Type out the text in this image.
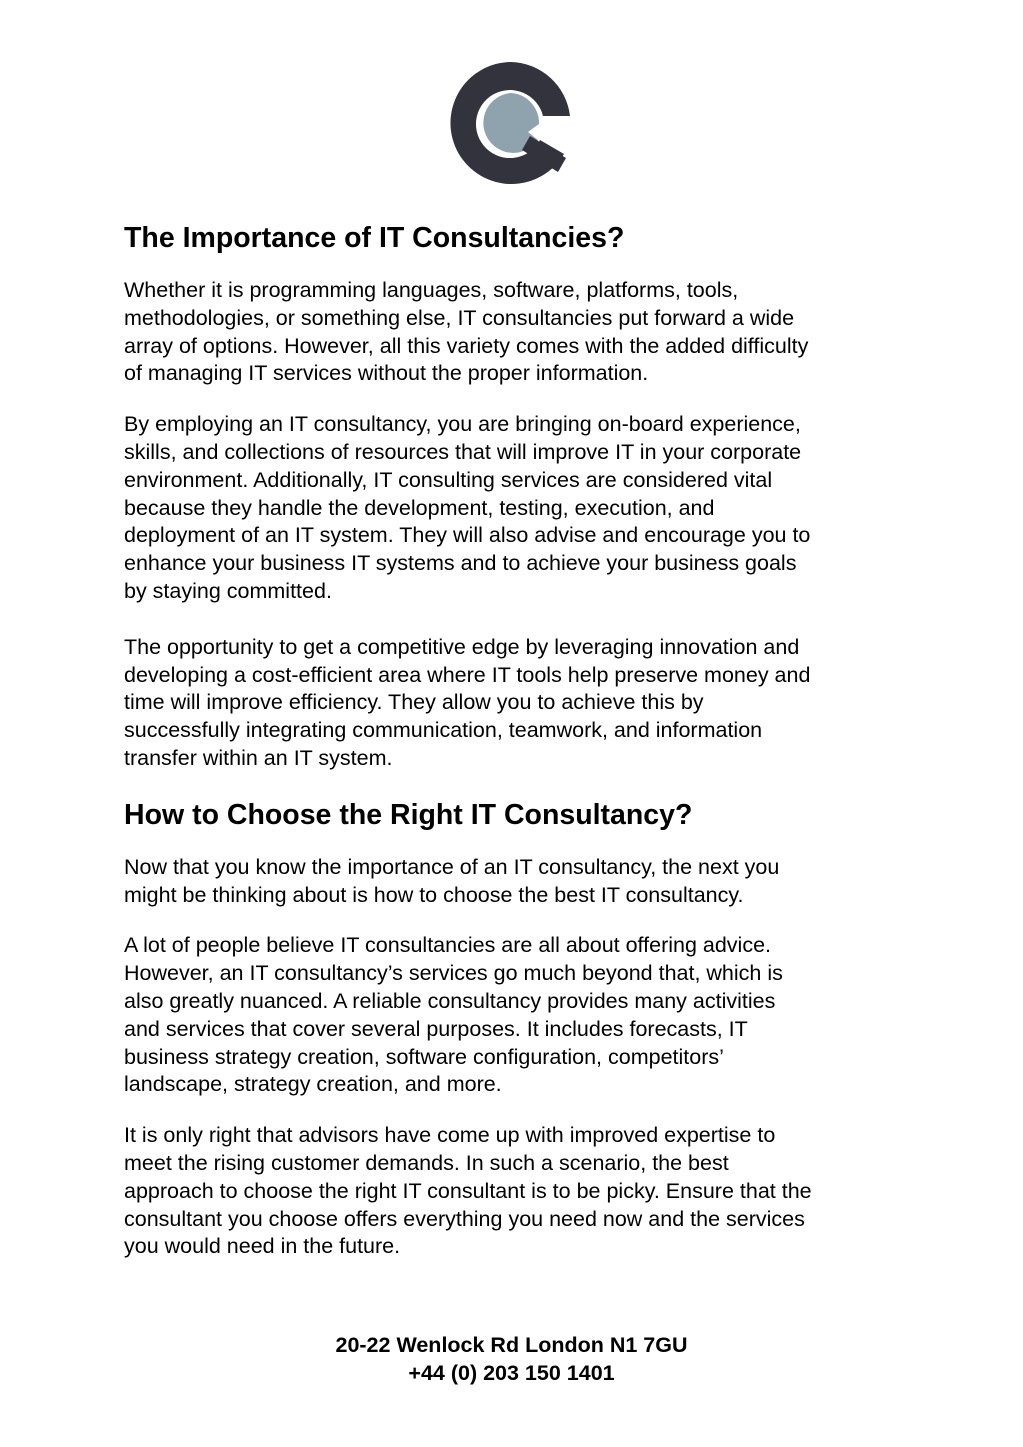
The Importance of IT Consultancies?

Whether it is programming languages, software, platforms, tools,
methodologies, or something else, IT consultancies put forward a wide
array of options. However, all this variety comes with the added difficulty
of managing IT services without the proper information.

By employing an IT consultancy, you are bringing on-board experience,
skills, and collections of resources that will improve IT in your corporate
environment. Additionally, IT consulting services are considered vital
because they handle the development, testing, execution, and
deployment of an IT system. They will also advise and encourage you to
enhance your business IT systems and to achieve your business goals
by staying committed.

The opportunity to get a competitive edge by leveraging innovation and
developing a cost-efficient area where IT tools help preserve money and
time will improve efficiency. They allow you to achieve this by
successfully integrating communication, teamwork, and information
transfer within an IT system.

How to Choose the Right IT Consultancy?

Now that you know the importance of an IT consultancy, the next you
might be thinking about is how to choose the best IT consultancy.

A lot of people believe IT consultancies are all about offering advice.
However, an IT consultancy’s services go much beyond that, which is
also greatly nuanced. A reliable consultancy provides many activities
and services that cover several purposes. It includes forecasts, IT
business strategy creation, software configuration, competitors’
landscape, strategy creation, and more.

It is only right that advisors have come up with improved expertise to
meet the rising customer demands. In such a scenario, the best
approach to choose the right IT consultant is to be picky. Ensure that the
consultant you choose offers everything you need now and the services
you would need in the future.

20-22 Wenlock Rd London N1 7GU
+44 (0) 203 150 1401
